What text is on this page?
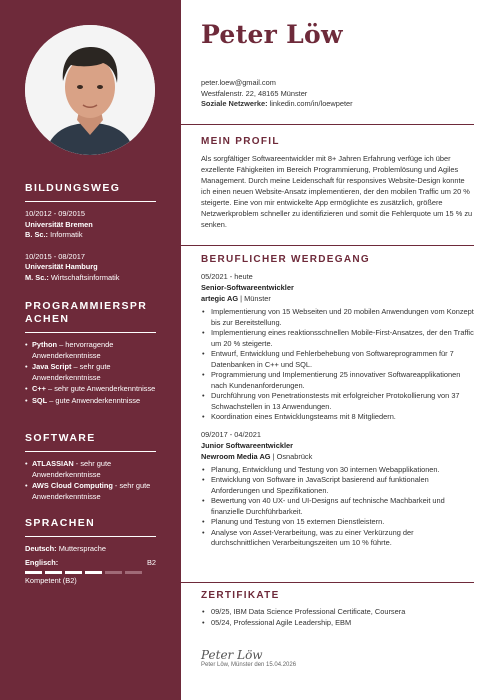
BILDUNGSWEG
10/2012 - 09/2015
Universität Bremen
B. Sc.: Informatik
10/2015 - 08/2017
Universität Hamburg
M. Sc.: Wirtschaftsinformatik
PROGRAMMIERSPRACHEN
• Python – hervorragende Anwenderkenntnisse
• Java Script – sehr gute Anwenderkenntnisse
• C++ – sehr gute Anwenderkenntnisse
• SQL – gute Anwenderkenntnisse
SOFTWARE
• ATLASSIAN - sehr gute Anwenderkenntnisse
• AWS Cloud Computing - sehr gute Anwenderkenntnisse
SPRACHEN
Deutsch: Muttersprache
Englisch:	B2
Kompetent (B2)
Peter Löw
peter.loew@gmail.com
Westfalenstr. 22, 48165 Münster
Soziale Netzwerke: linkedin.com/in/loewpeter
MEIN PROFIL
Als sorgfältiger Softwareentwickler mit 8+ Jahren Erfahrung verfüge ich über exzellente Fähigkeiten im Bereich Programmierung, Problemlösung und Agiles Management. Durch meine Leidenschaft für responsives Website-Design konnte ich einen neuen Website-Ansatz implementieren, der den mobilen Traffic um 20 % steigerte. Eine von mir entwickelte App ermöglichte es zusätzlich, größere Netzwerkproblem schneller zu identifizieren und somit die Fehlerquote um 15 % zu senken.
BERUFLICHER WERDEGANG
05/2021 - heute
Senior-Softwareentwickler
artegic AG | Münster
• Implementierung von 15 Webseiten und 20 mobilen Anwendungen vom Konzept bis zur Bereitstellung.
• Implementierung eines reaktionsschnellen Mobile-First-Ansatzes, der den Traffic um 20 % steigerte.
• Entwurf, Entwicklung und Fehlerbehebung von Softwareprogrammen für 7 Datenbanken in C++ und SQL.
• Programmierung und Implementierung 25 innovativer Softwareapplikationen nach Kundenanforderungen.
• Durchführung von Penetrationstests mit erfolgreicher Protokollierung von 37 Schwachstellen in 13 Anwendungen.
• Koordination eines Entwicklungsteams mit 8 Mitgliedern.
09/2017 - 04/2021
Junior Softwareentwickler
Newroom Media AG | Osnabrück
• Planung, Entwicklung und Testung von 30 internen Webapplikationen.
• Entwicklung von Software in JavaScript basierend auf funktionalen Anforderungen und Spezifikationen.
• Bewertung von 40 UX- und UI-Designs auf technische Machbarkeit und finanzielle Durchführbarkeit.
• Planung und Testung von 15 externen Dienstleistern.
• Analyse von Asset-Verarbeitung, was zu einer Verkürzung der durchschnittlichen Verarbeitungszeiten um 10 % führte.
ZERTIFIKATE
• 09/25, IBM Data Science Professional Certificate, Coursera
• 05/24, Professional Agile Leadership, EBM
Peter Löw
Peter Löw, Münster den 15.04.2026
